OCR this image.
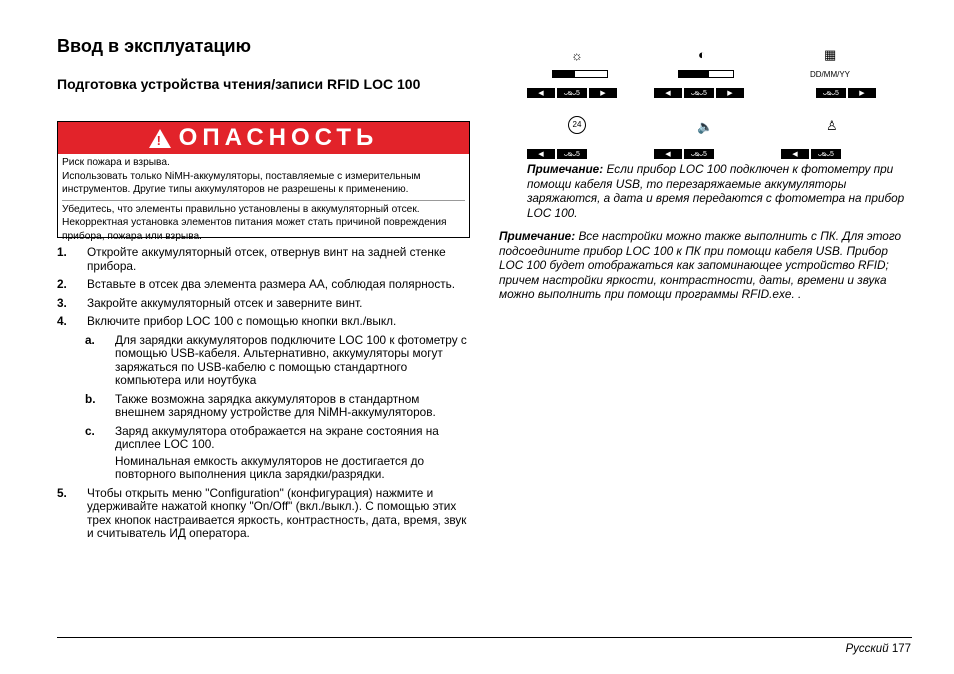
Ввод в эксплуатацию
Подготовка устройства чтения/записи RFID LOC 100
! ОПАСНОСТЬ

Риск пожара и взрыва.

Использовать только NiMH-аккумуляторы, поставляемые с измерительным инструментов. Другие типы аккумуляторов не разрешены к применению.

Убедитесь, что элементы правильно установлены в аккумуляторный отсек. Некорректная установка элементов питания может стать причиной повреждения прибора, пожара или взрыва.

1.	Откройте аккумуляторный отсек, отвернув винт на задней стенке прибора.
2.	Вставьте в отсек два элемента размера AA, соблюдая полярность.
3.	Закройте аккумуляторный отсек и заверните винт.
4.	Включите прибор LOC 100 с помощью кнопки вкл./выкл.
a.	Для зарядки аккумуляторов подключите LOC 100 к фотометру с помощью USB-кабеля. Альтернативно, аккумуляторы могут заряжаться по USB-кабелю с помощью стандартного компьютера или ноутбука
b.	Также возможна зарядка аккумуляторов в стандартном внешнем зарядному устройстве для NiMH-аккумуляторов.
c.	Заряд аккумулятора отображается на экране состояния на дисплее LOC 100.
Номинальная емкость аккумуляторов не достигается до повторного выполнения цикла зарядки/разрядки.
5.	Чтобы открыть меню "Configuration" (конфигурация) нажмите и удерживайте нажатой кнопку "On/Off" (вкл./выкл.). С помощью этих трех кнопок настраивается яркость, контрастность, дата, время, звук и считыватель ИД оператора.
☼	◐	▦
DD/MM/YY
◀	ᴗᴓᴗ5	▶	◀	ᴗᴓᴗ5	▶	ᴗᴓᴗ5	▶
24	🔈	♙
◀	ᴗᴓᴗ5	◀	ᴗᴓᴗ5	◀	ᴗᴓᴗ5
Примечание: Если прибор LOC 100 подключен к фотометру при помощи кабеля USB, то перезаряжаемые аккумуляторы заряжаются, а дата и время передаются с фотометра на прибор LOC 100.
Примечание: Все настройки можно также выполнить с ПК. Для этого подсоедините прибор LOC 100 к ПК при помощи кабеля USB. Прибор LOC 100 будет отображаться как запоминающее устройство RFID; причем настройки яркости, контрастности, даты, времени и звука можно выполнить при помощи программы RFID.exe. .
Русский 177
